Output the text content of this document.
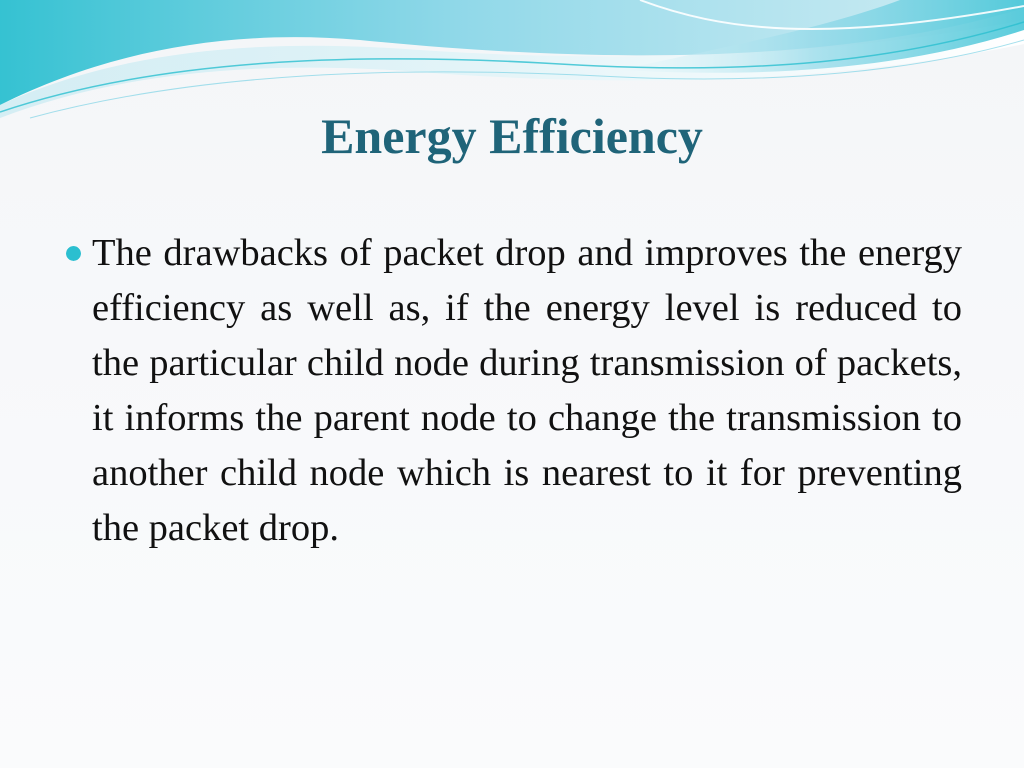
Energy Efficiency
The drawbacks of packet drop and improves the energy efficiency as well as, if the energy level is reduced to the particular child node during transmission of packets, it informs the parent node to change the transmission to another child node which is nearest to it for preventing the packet drop.
